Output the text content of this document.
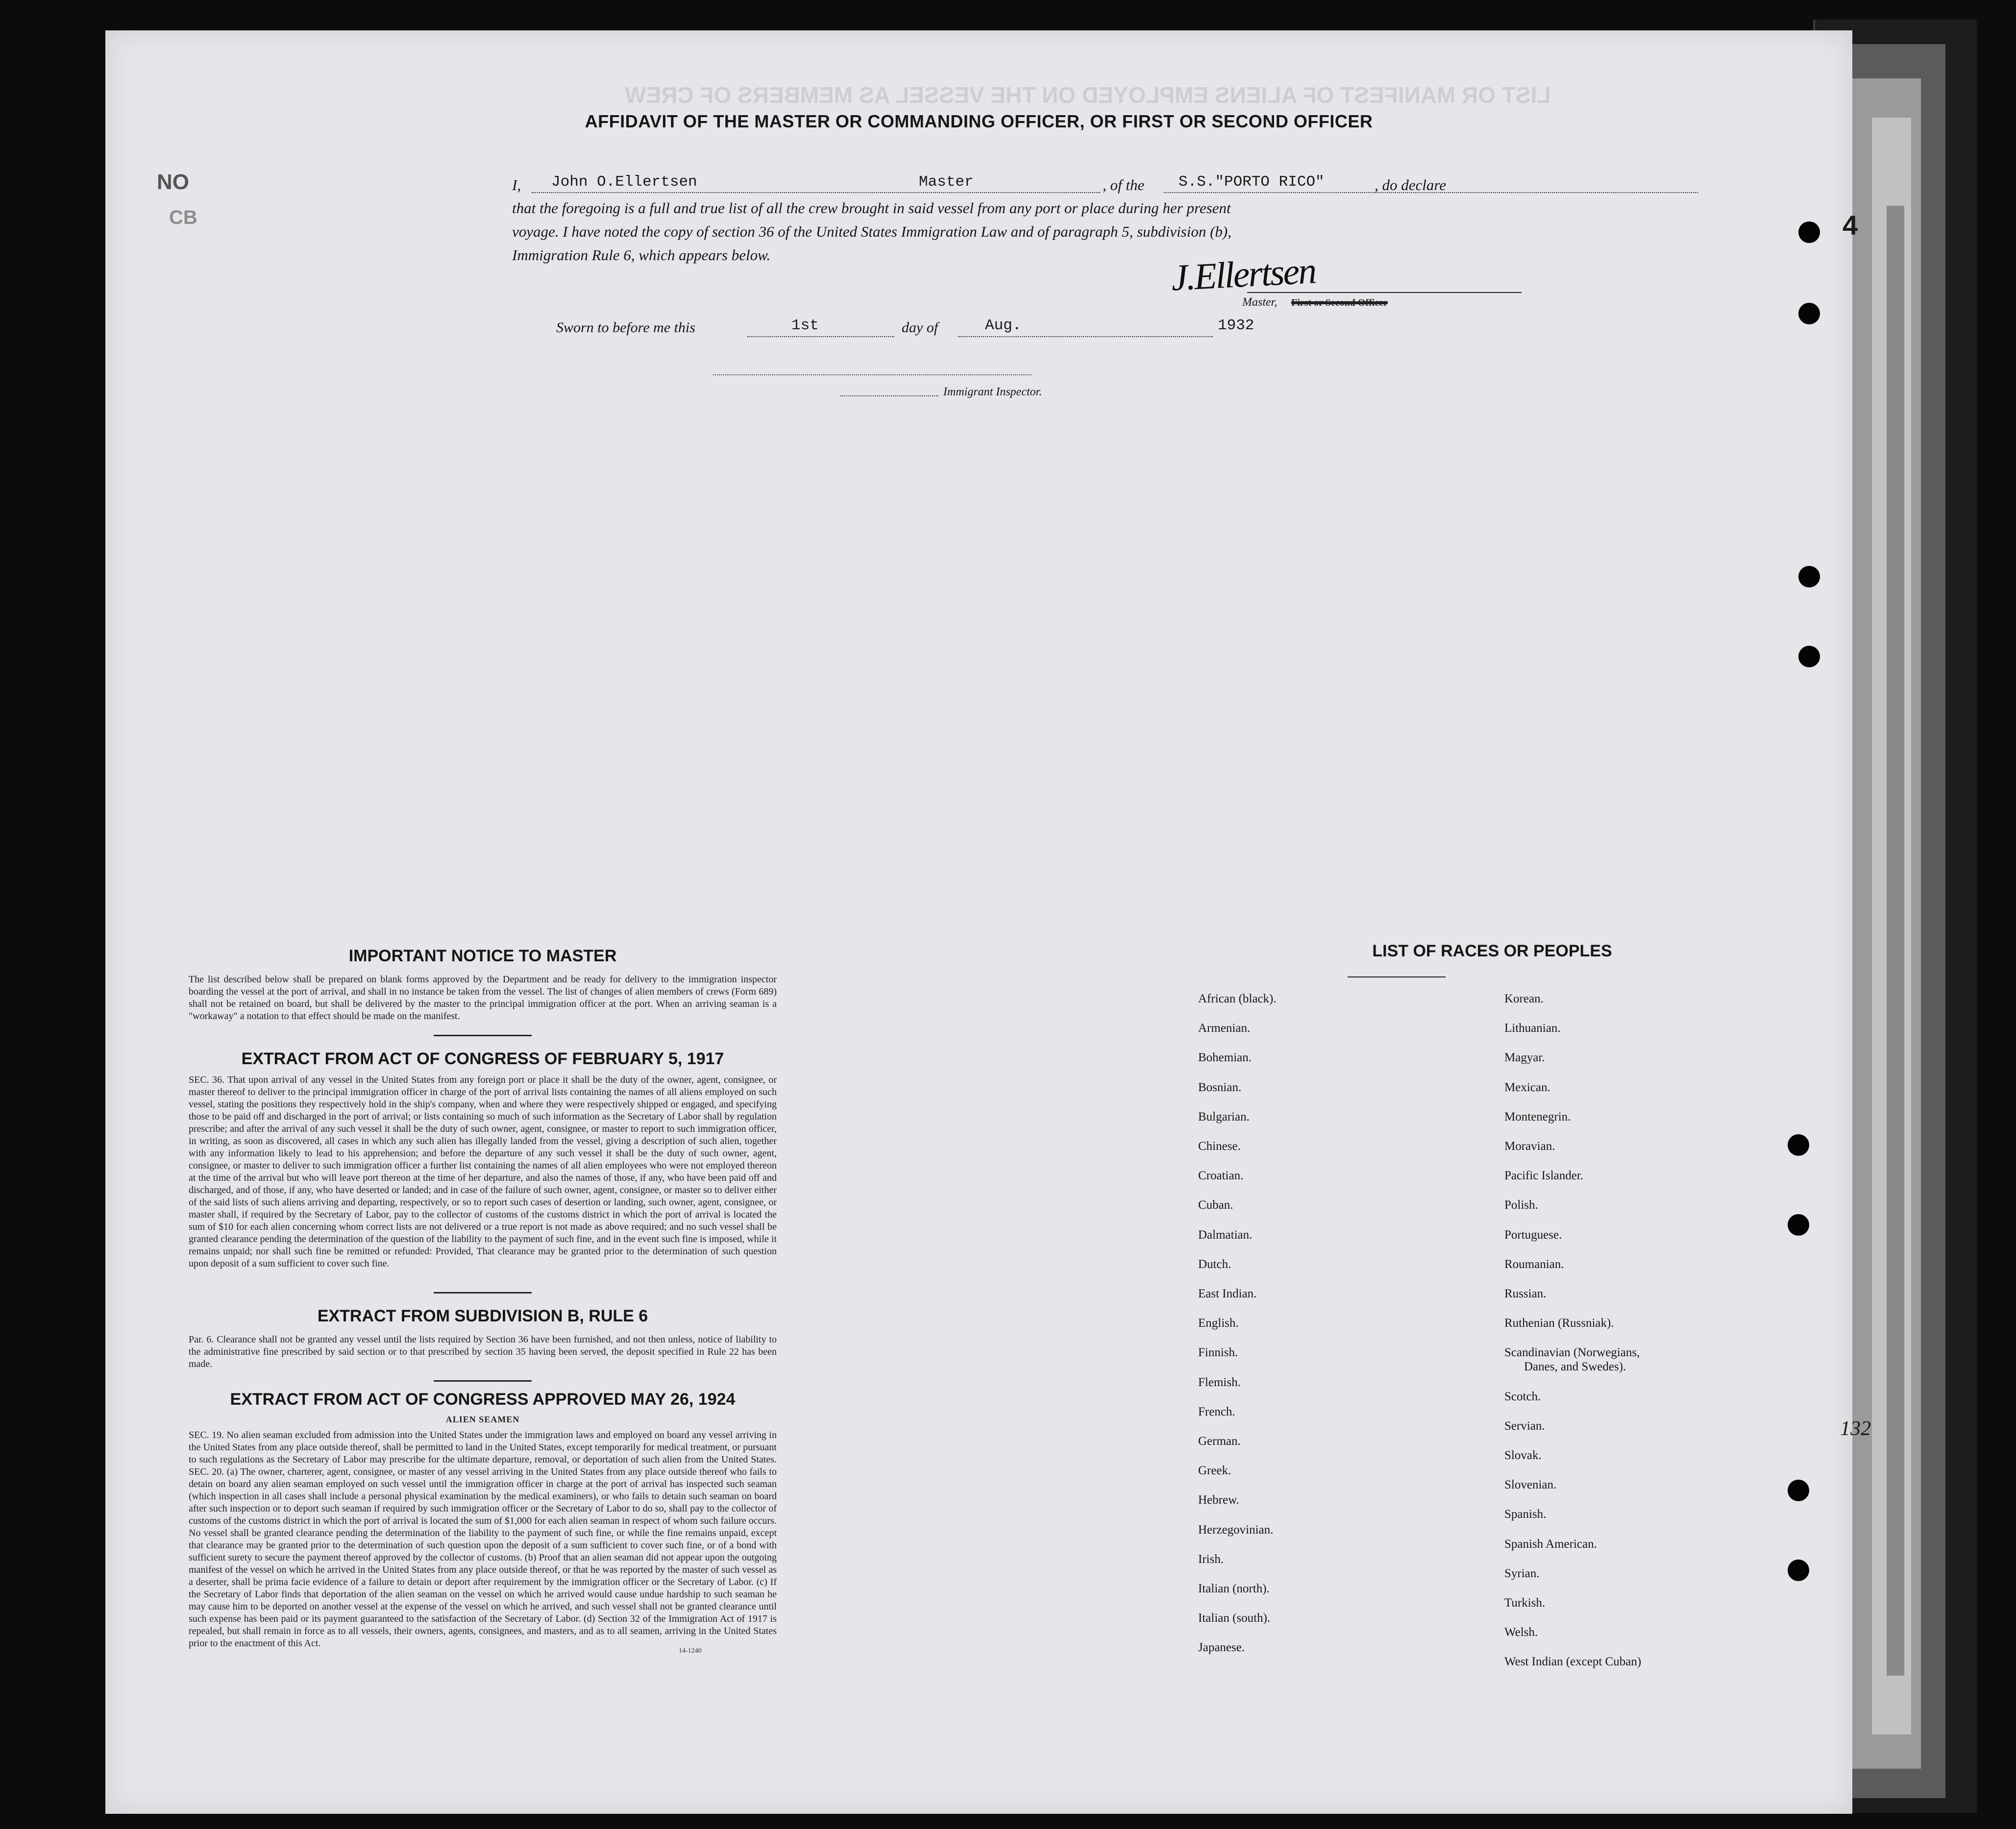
LIST OR MANIFEST OF ALIENS EMPLOYED ON THE VESSEL AS MEMBERS OF CREW
NO
CB	4
132
AFFIDAVIT OF THE MASTER OR COMMANDING OFFICER, OR FIRST OR SECOND OFFICER
I, John O.Ellertsen	Master	, of the S.S."PORTO RICO"	, do declare
that the foregoing is a full and true list of all the crew brought in said vessel from any port or place during her present
voyage. I have noted the copy of section 36 of the United States Immigration Law and of paragraph 5, subdivision (b),
Immigration Rule 6, which appears below.	J.Ellertsen
Master, First or Second Officer
Sworn to before me this	1st	day of	Aug.	1932
Immigrant Inspector.
IMPORTANT NOTICE TO MASTER
The list described below shall be prepared on blank forms approved by the Department and be ready for delivery to the immigration inspector boarding the vessel at the port of arrival, and shall in no instance be taken from the vessel. The list of changes of alien members of crews (Form 689) shall not be retained on board, but shall be delivered by the master to the principal immigration officer at the port. When an arriving seaman is a "workaway" a notation to that effect should be made on the manifest.
EXTRACT FROM ACT OF CONGRESS OF FEBRUARY 5, 1917
SEC. 36. That upon arrival of any vessel in the United States from any foreign port or place it shall be the duty of the owner, agent, consignee, or master thereof to deliver to the principal immigration officer in charge of the port of arrival lists containing the names of all aliens employed on such vessel, stating the positions they respectively hold in the ship's company, when and where they were respectively shipped or engaged, and specifying those to be paid off and discharged in the port of arrival; or lists containing so much of such information as the Secretary of Labor shall by regulation prescribe; and after the arrival of any such vessel it shall be the duty of such owner, agent, consignee, or master to report to such immigration officer, in writing, as soon as discovered, all cases in which any such alien has illegally landed from the vessel, giving a description of such alien, together with any information likely to lead to his apprehension; and before the departure of any such vessel it shall be the duty of such owner, agent, consignee, or master to deliver to such immigration officer a further list containing the names of all alien employees who were not employed thereon at the time of the arrival but who will leave port thereon at the time of her departure, and also the names of those, if any, who have been paid off and discharged, and of those, if any, who have deserted or landed; and in case of the failure of such owner, agent, consignee, or master so to deliver either of the said lists of such aliens arriving and departing, respectively, or so to report such cases of desertion or landing, such owner, agent, consignee, or master shall, if required by the Secretary of Labor, pay to the collector of customs of the customs district in which the port of arrival is located the sum of $10 for each alien concerning whom correct lists are not delivered or a true report is not made as above required; and no such vessel shall be granted clearance pending the determination of the question of the liability to the payment of such fine, and in the event such fine is imposed, while it remains unpaid; nor shall such fine be remitted or refunded: Provided, That clearance may be granted prior to the determination of such question upon deposit of a sum sufficient to cover such fine.
EXTRACT FROM SUBDIVISION B, RULE 6
Par. 6. Clearance shall not be granted any vessel until the lists required by Section 36 have been furnished, and not then unless, notice of liability to the administrative fine prescribed by said section or to that prescribed by section 35 having been served, the deposit specified in Rule 22 has been made.
EXTRACT FROM ACT OF CONGRESS APPROVED MAY 26, 1924
ALIEN SEAMEN
SEC. 19. No alien seaman excluded from admission into the United States under the immigration laws and employed on board any vessel arriving in the United States from any place outside thereof, shall be permitted to land in the United States, except temporarily for medical treatment, or pursuant to such regulations as the Secretary of Labor may prescribe for the ultimate departure, removal, or deportation of such alien from the United States. SEC. 20. (a) The owner, charterer, agent, consignee, or master of any vessel arriving in the United States from any place outside thereof who fails to detain on board any alien seaman employed on such vessel until the immigration officer in charge at the port of arrival has inspected such seaman (which inspection in all cases shall include a personal physical examination by the medical examiners), or who fails to detain such seaman on board after such inspection or to deport such seaman if required by such immigration officer or the Secretary of Labor to do so, shall pay to the collector of customs of the customs district in which the port of arrival is located the sum of $1,000 for each alien seaman in respect of whom such failure occurs. No vessel shall be granted clearance pending the determination of the liability to the payment of such fine, or while the fine remains unpaid, except that clearance may be granted prior to the determination of such question upon the deposit of a sum sufficient to cover such fine, or of a bond with sufficient surety to secure the payment thereof approved by the collector of customs. (b) Proof that an alien seaman did not appear upon the outgoing manifest of the vessel on which he arrived in the United States from any place outside thereof, or that he was reported by the master of such vessel as a deserter, shall be prima facie evidence of a failure to detain or deport after requirement by the immigration officer or the Secretary of Labor. (c) If the Secretary of Labor finds that deportation of the alien seaman on the vessel on which he arrived would cause undue hardship to such seaman he may cause him to be deported on another vessel at the expense of the vessel on which he arrived, and such vessel shall not be granted clearance until such expense has been paid or its payment guaranteed to the satisfaction of the Secretary of Labor. (d) Section 32 of the Immigration Act of 1917 is repealed, but shall remain in force as to all vessels, their owners, agents, consignees, and masters, and as to all seamen, arriving in the United States prior to the enactment of this Act.
14-1240
LIST OF RACES OR PEOPLES
African (black).
Armenian.
Bohemian.
Bosnian.
Bulgarian.
Chinese.
Croatian.
Cuban.
Dalmatian.
Dutch.
East Indian.
English.
Finnish.
Flemish.
French.
German.
Greek.
Hebrew.
Herzegovinian.
Irish.
Italian (north).
Italian (south).
Japanese.
Korean.
Lithuanian.
Magyar.
Mexican.
Montenegrin.
Moravian.
Pacific Islander.
Polish.
Portuguese.
Roumanian.
Russian.
Ruthenian (Russniak).
Scandinavian (Norwegians,
Danes, and Swedes).
Scotch.
Servian.
Slovak.
Slovenian.
Spanish.
Spanish American.
Syrian.
Turkish.
Welsh.
West Indian (except Cuban)
